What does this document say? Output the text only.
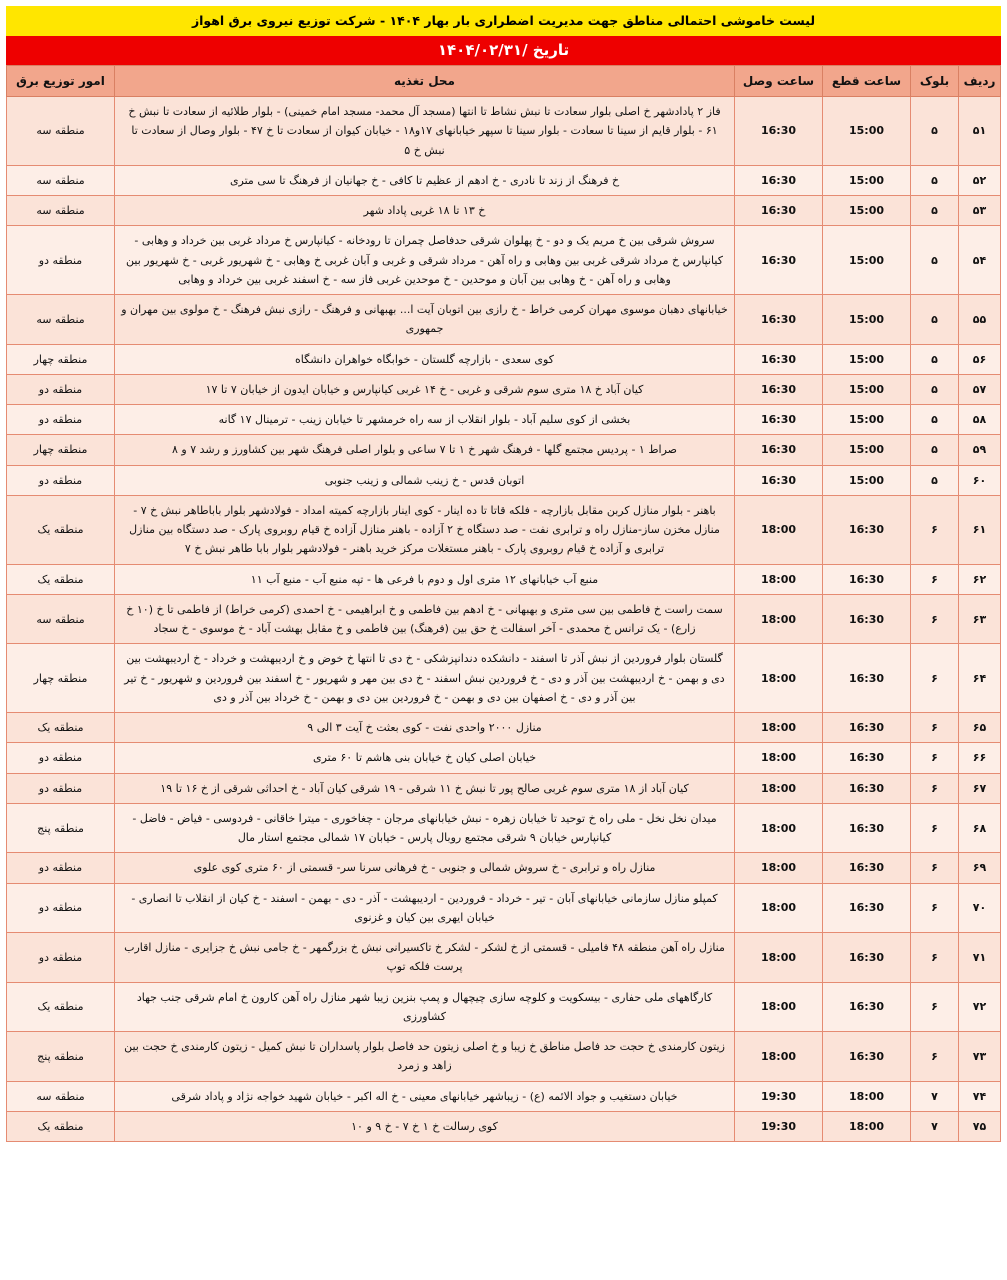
لیست خاموشی احتمالی مناطق جهت مدیریت اضطراری بار بهار ۱۴۰۴ - شرکت توزیع نیروی برق اهواز
تاریخ /۱۴۰۴/۰۲/۳۱
ردیف	بلوک	ساعت قطع	ساعت وصل	محل تغذیه	امور توزیع برق
۵۱	۵	15:00	16:30	فاز ۲ پادادشهر خ اصلی بلوار سعادت تا نبش نشاط تا انتها (مسجد آل محمد- مسجد امام خمینی) - بلوار طلائیه از سعادت تا نبش خ ۶۱ - بلوار قایم از سینا تا سعادت - بلوار سینا تا سپهر خیابانهای ۱۷و۱۸ - خیابان کیوان از سعادت تا خ ۴۷ - بلوار وصال از سعادت تا نبش خ ۵	منطقه سه
۵۲	۵	15:00	16:30	خ فرهنگ از زند تا نادری - خ ادهم از عظیم تا کافی - خ جهانیان از فرهنگ تا سی متری	منطقه سه
۵۳	۵	15:00	16:30	خ ۱۳ تا ۱۸ غربی پاداد شهر	منطقه سه
۵۴	۵	15:00	16:30	سروش شرقی بین خ مریم یک و دو - خ پهلوان شرقی حدفاصل چمران تا رودخانه - کیانپارس خ مرداد غربی بین خرداد و وهابی - کیانپارس خ مرداد شرقی غربی بین وهابی و راه آهن - مرداد شرقی و غربی و آبان غربی خ وهابی - خ شهریور غربی - خ شهریور بین وهابی و راه آهن - خ وهابی بین آبان و موحدین - خ موحدین غربی فاز سه - خ اسفند غربی بین خرداد و وهابی	منطقه دو
۵۵	۵	15:00	16:30	خیابانهای دهبان موسوی مهران کرمی خراط - خ رازی بین اتوبان آیت ا... بهبهانی و فرهنگ - رازی نبش فرهنگ - خ مولوی بین مهران و جمهوری	منطقه سه
۵۶	۵	15:00	16:30	کوی سعدی - بازارچه گلستان - خوابگاه خواهران دانشگاه	منطقه چهار
۵۷	۵	15:00	16:30	کیان آباد خ ۱۸ متری سوم شرقی و غربی - خ ۱۴ غربی کیانپارس و خیابان ایدون از خیابان ۷ تا ۱۷	منطقه دو
۵۸	۵	15:00	16:30	بخشی از کوی سلیم آباد - بلوار انقلاب از سه راه خرمشهر تا خیابان زینب - ترمینال ۱۷ گانه	منطقه دو
۵۹	۵	15:00	16:30	صراط ۱ - پردیس مجتمع گلها - فرهنگ شهر خ ۱ تا ۷ ساعی و بلوار اصلی فرهنگ شهر بین کشاورز و رشد ۷ و ۸	منطقه چهار
۶۰	۵	15:00	16:30	اتوبان قدس - خ زینب شمالی و زینب جنوبی	منطقه دو
۶۱	۶	16:30	18:00	باهنر - بلوار منازل کربن مقابل بازارچه - فلکه قاتا تا ده اینار - کوی اینار بازارچه کمیته امداد - فولادشهر بلوار باباطاهر نبش خ ۷ - منازل مخزن ساز-منازل راه و ترابری نفت - صد دستگاه خ ۲ آزاده - باهنر منازل آزاده خ قیام روبروی پارک - صد دستگاه بین منازل ترابری و آزاده خ قیام روبروی پارک - باهنر مستغلات مرکز خرید باهنر - فولادشهر بلوار بابا طاهر نبش خ ۷	منطقه یک
۶۲	۶	16:30	18:00	منبع آب خیابانهای ۱۲ متری اول و دوم با فرعی ها - تپه منبع آب - منبع آب ۱۱	منطقه یک
۶۳	۶	16:30	18:00	سمت راست خ فاطمی بین سی متری و بهبهانی - خ ادهم بین فاطمی و خ ابراهیمی - خ احمدی (کرمی خراط) از فاطمی تا خ (۱۰ خ زارع) - یک ترانس خ محمدی - آخر اسفالت خ حق بین (فرهنگ) بین فاطمی و خ مقابل بهشت آباد - خ موسوی - خ سجاد	منطقه سه
۶۴	۶	16:30	18:00	گلستان بلوار فروردین از نبش آذر تا اسفند - دانشکده دندانپزشکی - خ دی تا انتها خ خوض و خ اردیبهشت و خرداد - خ اردیبهشت بین دی و بهمن - خ اردیبهشت بین آذر و دی - خ فروردین نبش اسفند - خ دی بین مهر و شهریور - خ اسفند بین فروردین و شهریور - خ تیر بین آذر و دی - خ اصفهان بین دی و بهمن - خ فروردین بین دی و بهمن - خ خرداد بین آذر و دی	منطقه چهار
۶۵	۶	16:30	18:00	منازل ۲۰۰۰ واحدی نفت - کوی بعثت خ آیت ۳ الی ۹	منطقه یک
۶۶	۶	16:30	18:00	خیابان اصلی کیان خ خیابان بنی هاشم تا ۶۰ متری	منطقه دو
۶۷	۶	16:30	18:00	کیان آباد از ۱۸ متری سوم غربی صالح پور تا نبش خ ۱۱ شرقی - ۱۹ شرقی کیان آباد - خ احداثی شرقی از خ ۱۶ تا ۱۹	منطقه دو
۶۸	۶	16:30	18:00	میدان نخل نخل - ملی راه خ توحید تا خیابان زهره - نبش خیابانهای مرجان - چغاخوری - میترا خاقانی - فردوسی - فیاض - فاضل - کیانپارس خیابان ۹ شرقی مجتمع روبال پارس - خیابان ۱۷ شمالی مجتمع استار مال	منطقه پنج
۶۹	۶	16:30	18:00	منازل راه و ترابری - خ سروش شمالی و جنوبی - خ فرهانی سرنا سر- قسمتی از ۶۰ متری کوی علوی	منطقه دو
۷۰	۶	16:30	18:00	کمپلو منازل سازمانی خیابانهای آبان - تیر - خرداد - فروردین - اردیبهشت - آذر - دی - بهمن - اسفند - خ کیان از انقلاب تا انصاری - خیابان ایهری بین کیان و غزنوی	منطقه دو
۷۱	۶	16:30	18:00	منازل راه آهن منطقه ۴۸ فامیلی - قسمتی از خ لشکر - لشکر خ تاکسیرانی نبش خ بزرگمهر - خ جامی نبش خ جزایری - منازل اقارب پرست فلکه توپ	منطقه دو
۷۲	۶	16:30	18:00	کارگاههای ملی حفاری - بیسکویت و کلوچه سازی چیچهال و پمپ بنزین زیبا شهر منازل راه آهن کارون خ امام شرقی جنب جهاد کشاورزی	منطقه یک
۷۳	۶	16:30	18:00	زیتون کارمندی خ حجت حد فاصل مناطق خ زیبا و خ اصلی زیتون حد فاصل بلوار پاسداران تا نبش کمیل - زیتون کارمندی خ حجت بین زاهد و زمرد	منطقه پنج
۷۴	۷	18:00	19:30	خیابان دستغیب و جواد الائمه (ع) - زیباشهر خیابانهای معینی - خ اله اکبر - خیابان شهید خواجه نژاد و پاداد شرقی	منطقه سه
۷۵	۷	18:00	19:30	کوی رسالت خ ۱ خ ۷ - خ ۹ و ۱۰	منطقه یک
